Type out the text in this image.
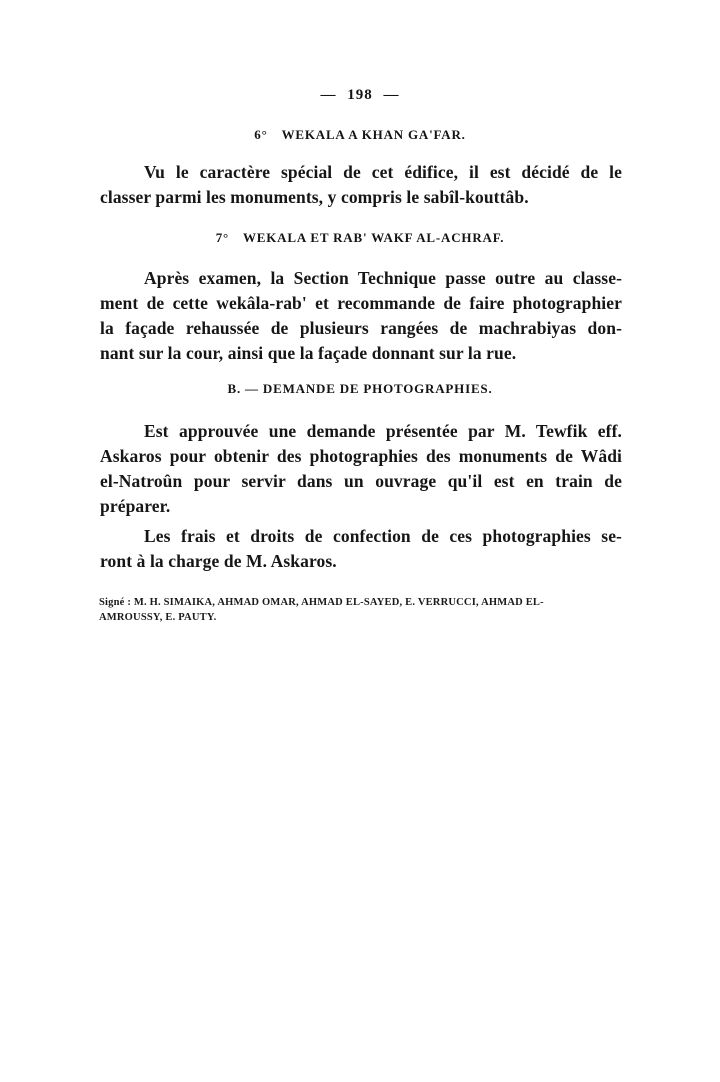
— 198 —
6° WEKALA A KHAN GA'FAR.
Vu le caractère spécial de cet édifice, il est décidé de le
classer parmi les monuments, y compris le sabîl-kouttâb.
7° WEKALA ET RAB' WAKF AL-ACHRAF.
Après examen, la Section Technique passe outre au classe-
ment de cette wekâla-rab' et recommande de faire photographier
la façade rehaussée de plusieurs rangées de machrabiyas don-
nant sur la cour, ainsi que la façade donnant sur la rue.
B. — DEMANDE DE PHOTOGRAPHIES.
Est approuvée une demande présentée par M. Tewfik eff.
Askaros pour obtenir des photographies des monuments de Wâdi
el-Natroûn pour servir dans un ouvrage qu'il est en train de
préparer.
Les frais et droits de confection de ces photographies se-
ront à la charge de M. Askaros.
Signé : M. H. SIMAIKA, AHMAD OMAR, AHMAD EL-SAYED, E. VERRUCCI, AHMAD EL-
AMROUSSY, E. PAUTY.
